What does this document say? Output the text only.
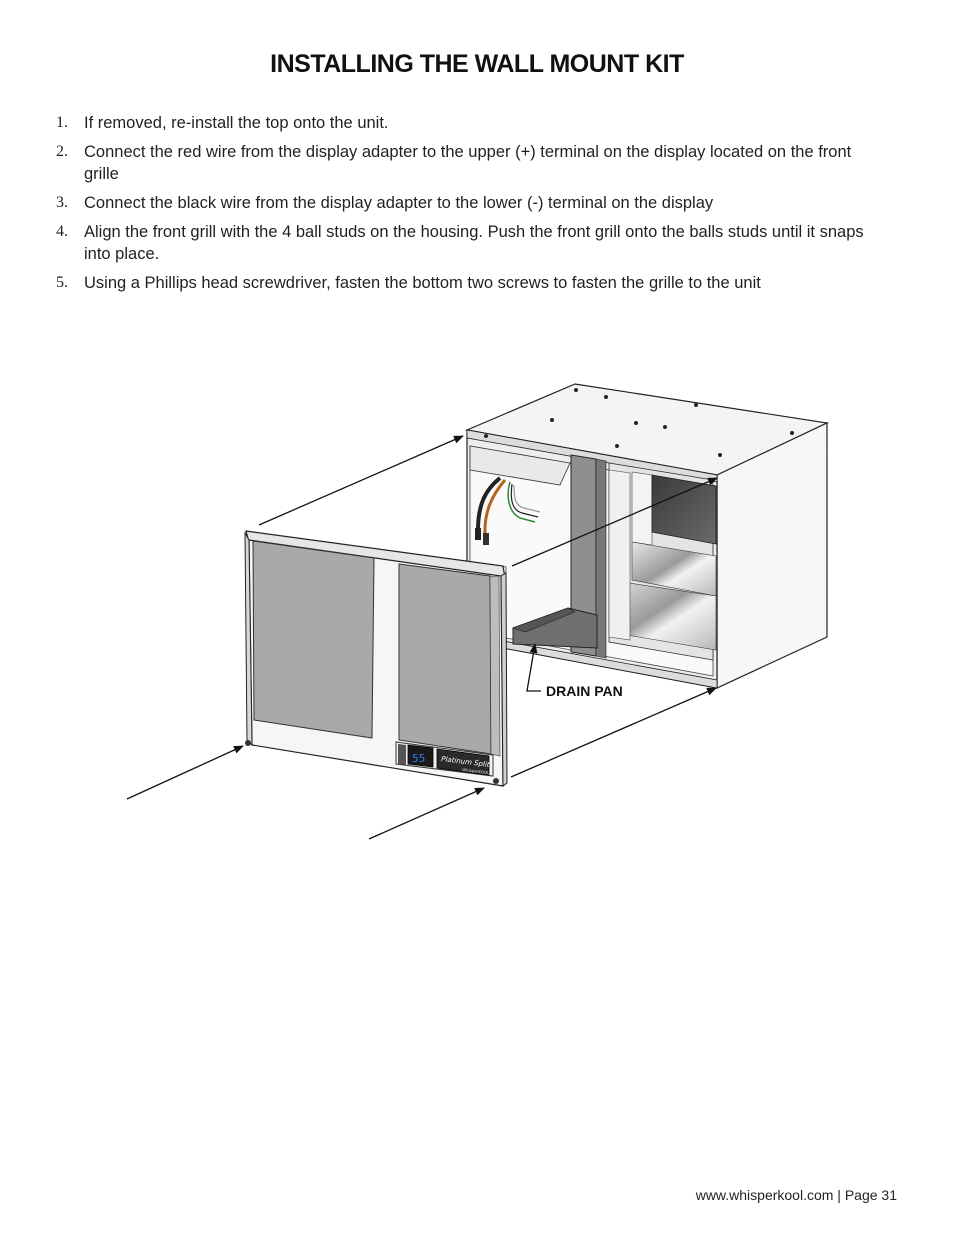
INSTALLING THE WALL MOUNT KIT
1. If removed, re-install the top onto the unit.
2. Connect the red wire from the display adapter to the upper (+) terminal on the display located on the front grille
3. Connect the black wire from the display adapter to the lower (-) terminal on the display
4. Align the front grill with the 4 ball studs on the housing. Push the front grill onto the balls studs until it snaps into place.
5. Using a Phillips head screwdriver, fasten the bottom two screws to fasten the grille to the unit
55 Platinum Split
WhisperKOOL
DRAIN PAN
www.whisperkool.com | Page 31
